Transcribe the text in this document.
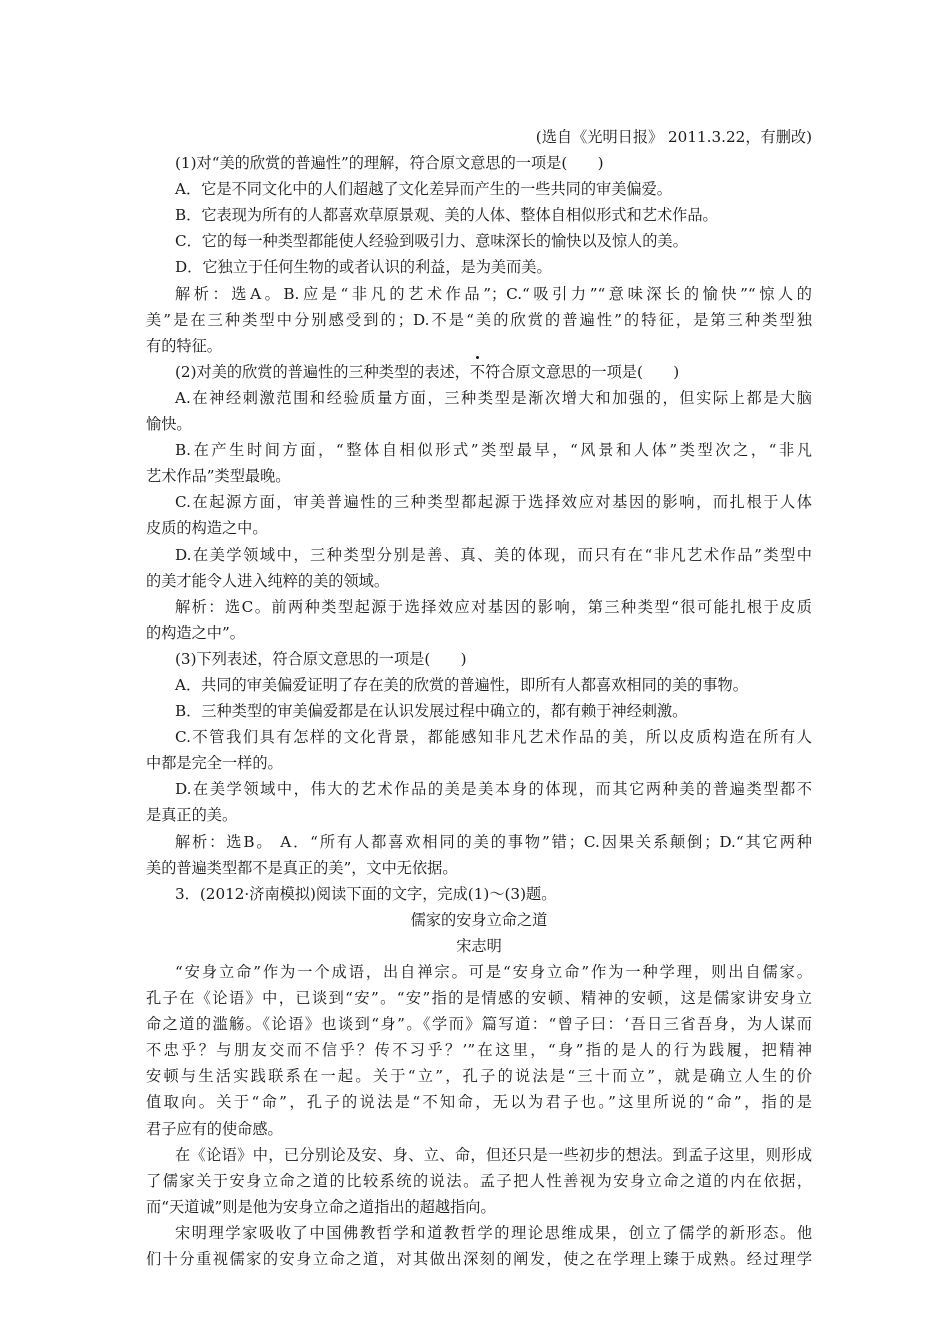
(选自《光明日报》 2011.3.22，有删改)
(1)对“美的欣赏的普遍性”的理解，符合原文意思的一项是(　　)
A．它是不同文化中的人们超越了文化差异而产生的一些共同的审美偏爱。
B．它表现为所有的人都喜欢草原景观、美的人体、整体自相似形式和艺术作品。
C．它的每一种类型都能使人经验到吸引力、意味深长的愉快以及惊人的美。
D．它独立于任何生物的或者认识的利益，是为美而美。
解析：选A。B.应是“非凡的艺术作品”；C.“吸引力”“意味深长的愉快”“惊人的
美”是在三种类型中分别感受到的；D.不是“美的欣赏的普遍性”的特征，是第三种类型独
有的特征。
(2)对美的欣赏的普遍性的三种类型的表述，不符合原文意思的一项是(　　)
A.在神经刺激范围和经验质量方面，三种类型是渐次增大和加强的，但实际上都是大脑
愉快。
B.在产生时间方面，“整体自相似形式”类型最早，“风景和人体”类型次之，“非凡
艺术作品”类型最晚。
C.在起源方面，审美普遍性的三种类型都起源于选择效应对基因的影响，而扎根于人体
皮质的构造之中。
D.在美学领域中，三种类型分别是善、真、美的体现，而只有在“非凡艺术作品”类型中
的美才能令人进入纯粹的美的领域。
解析：选C。前两种类型起源于选择效应对基因的影响，第三种类型“很可能扎根于皮质
的构造之中”。
(3)下列表述，符合原文意思的一项是(　　)
A．共同的审美偏爱证明了存在美的欣赏的普遍性，即所有人都喜欢相同的美的事物。
B．三种类型的审美偏爱都是在认识发展过程中确立的，都有赖于神经刺激。
C.不管我们具有怎样的文化背景，都能感知非凡艺术作品的美，所以皮质构造在所有人
中都是完全一样的。
D.在美学领域中，伟大的艺术作品的美是美本身的体现，而其它两种美的普遍类型都不
是真正的美。
解析：选B。 A．“所有人都喜欢相同的美的事物”错；C.因果关系颠倒；D.“其它两种
美的普遍类型都不是真正的美”，文中无依据。
3．(2012·济南模拟)阅读下面的文字，完成(1)～(3)题。
儒家的安身立命之道
宋志明
“安身立命”作为一个成语，出自禅宗。可是“安身立命”作为一种学理，则出自儒家。
孔子在《论语》中，已谈到“安”。“安”指的是情感的安顿、精神的安顿，这是儒家讲安身立
命之道的滥觞。《论语》也谈到“身”。《学而》篇写道：“曾子曰：‘吾日三省吾身，为人谋而
不忠乎？与朋友交而不信乎？传不习乎？’”在这里，“身”指的是人的行为践履，把精神
安顿与生活实践联系在一起。关于“立”，孔子的说法是“三十而立”，就是确立人生的价
值取向。关于“命”，孔子的说法是“不知命，无以为君子也。”这里所说的“命”，指的是
君子应有的使命感。
在《论语》中，已分别论及安、身、立、命，但还只是一些初步的想法。到孟子这里，则形成
了儒家关于安身立命之道的比较系统的说法。孟子把人性善视为安身立命之道的内在依据，
而“天道诚”则是他为安身立命之道指出的超越指向。
宋明理学家吸收了中国佛教哲学和道教哲学的理论思维成果，创立了儒学的新形态。他
们十分重视儒家的安身立命之道，对其做出深刻的阐发，使之在学理上臻于成熟。经过理学
